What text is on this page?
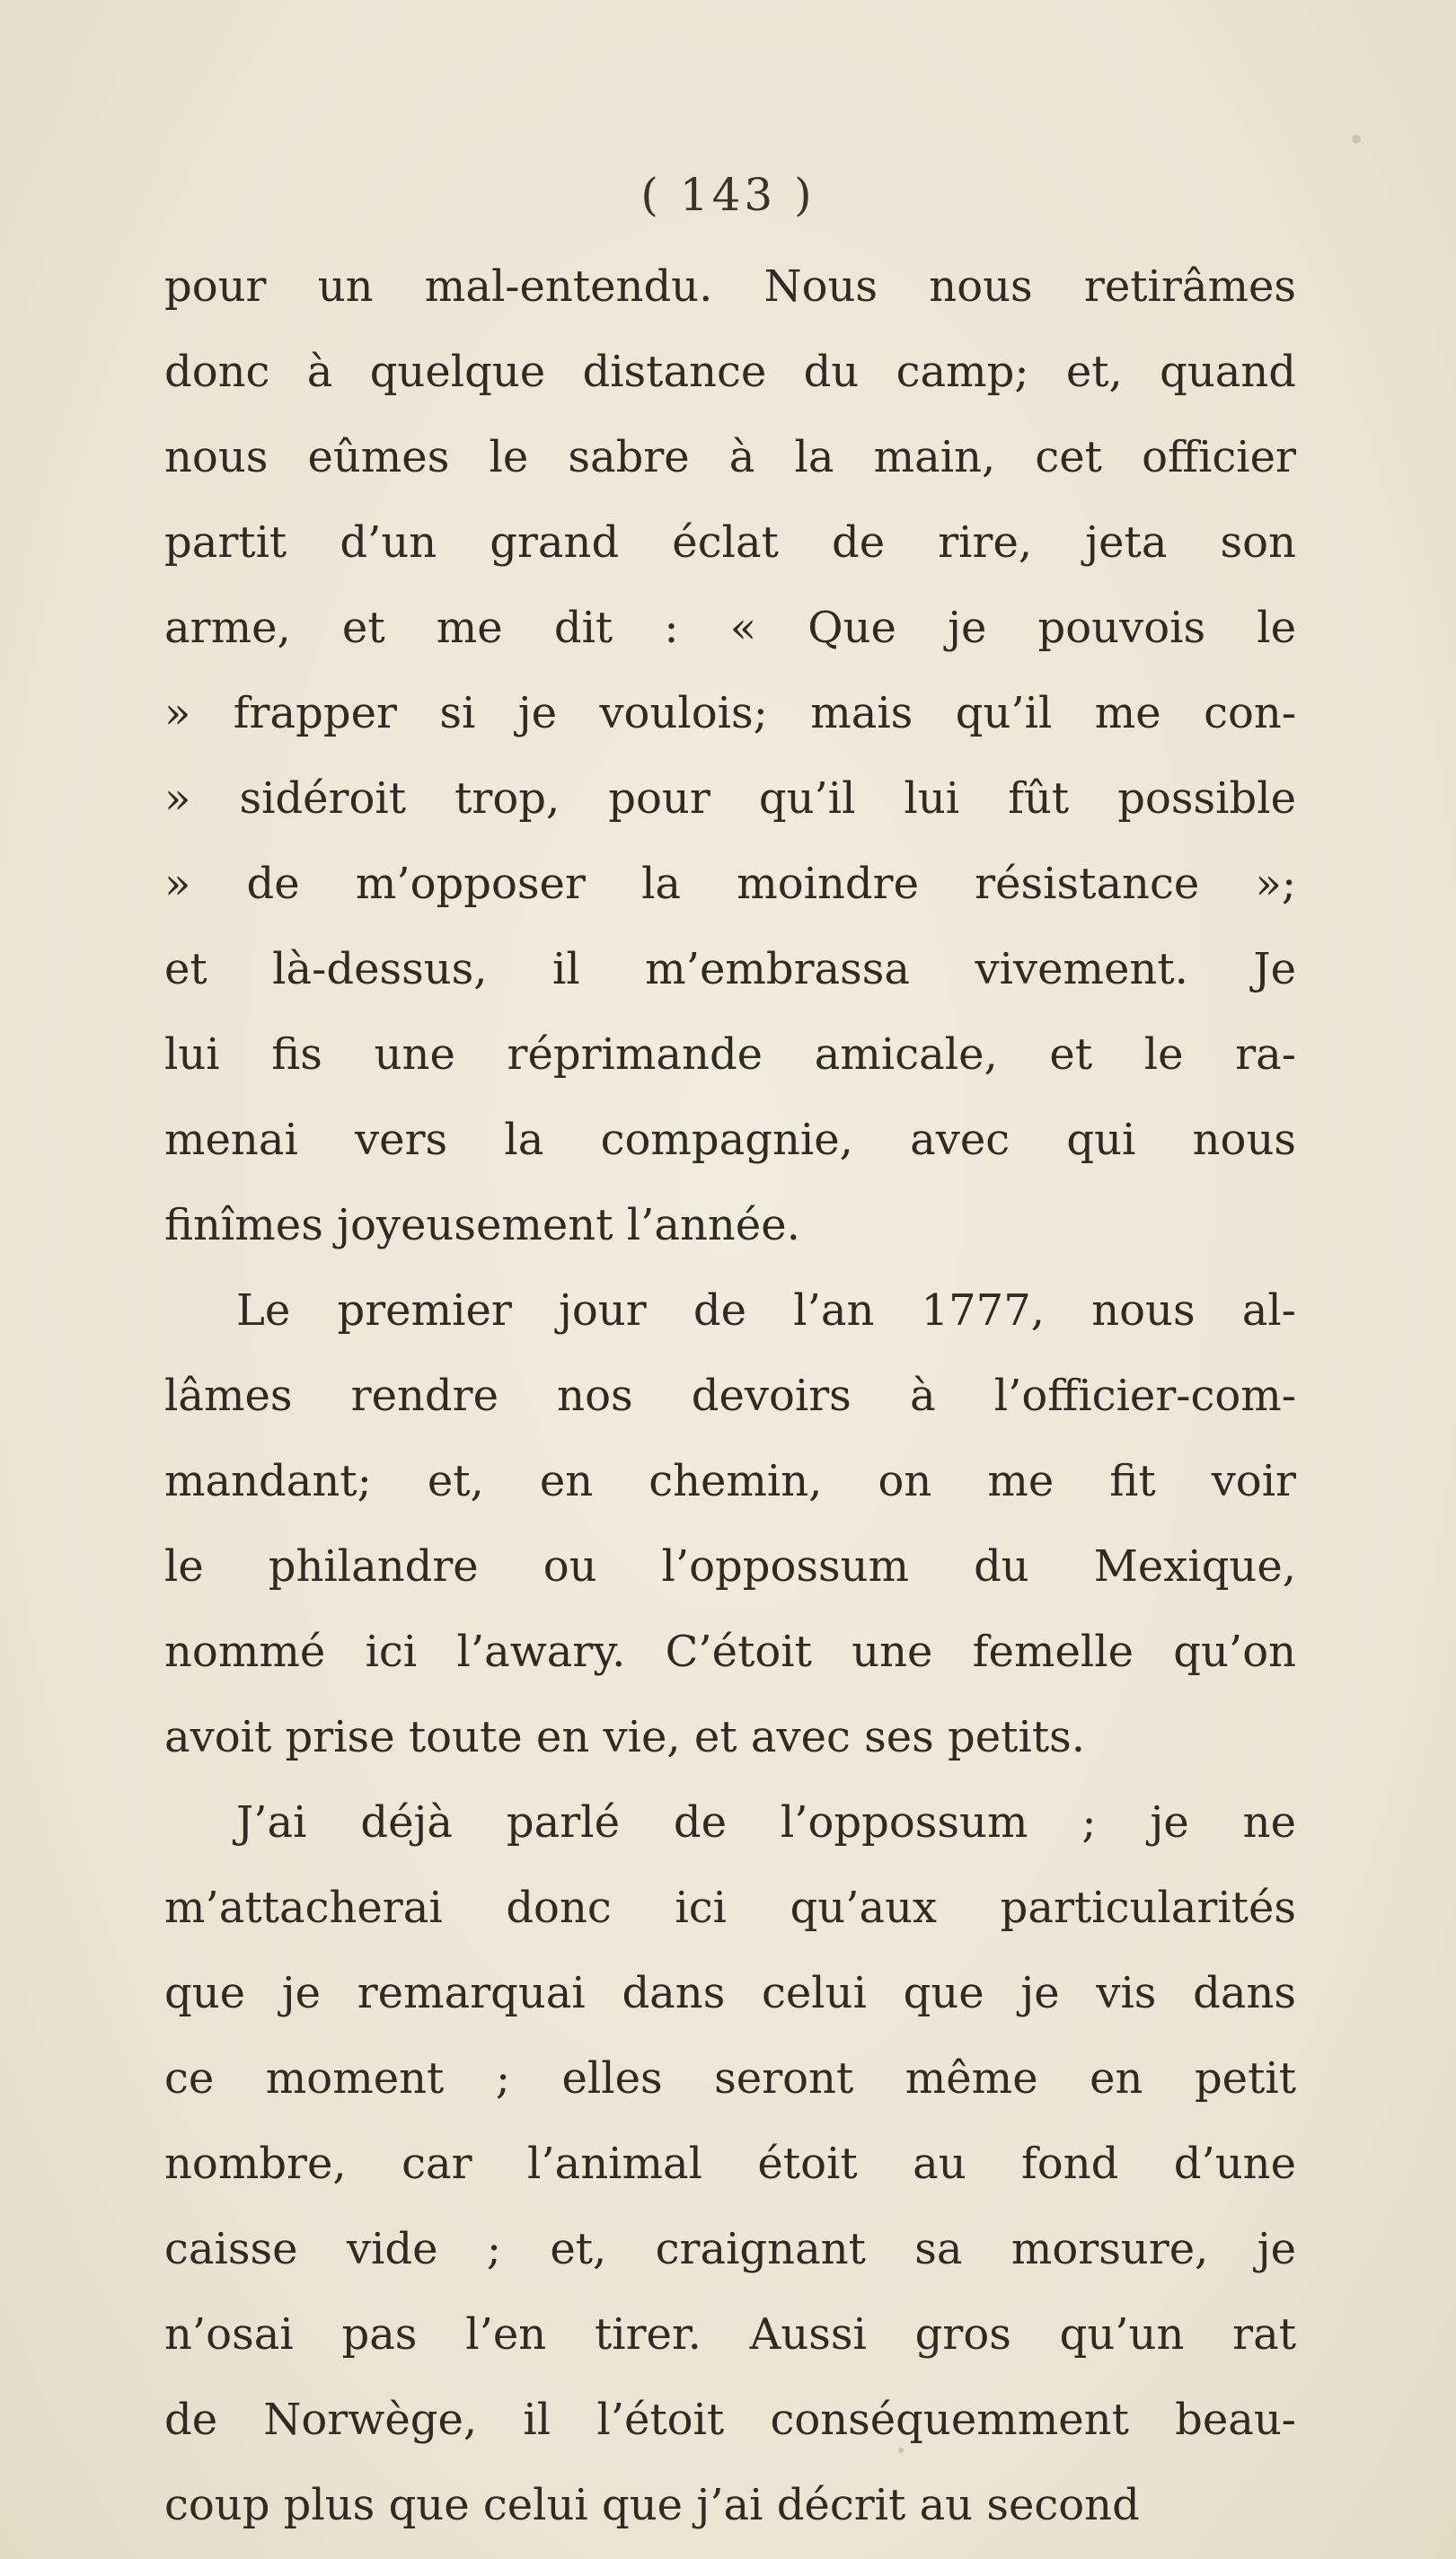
( 143 )
pour un mal-entendu. Nous nous retirâmes
donc à quelque distance du camp; et, quand
nous eûmes le sabre à la main, cet officier
partit d’un grand éclat de rire, jeta son
arme, et me dit : « Que je pouvois le
» frapper si je voulois; mais qu’il me con-
» sidéroit trop, pour qu’il lui fût possible
» de m’opposer la moindre résistance »;
et là-dessus, il m’embrassa vivement. Je
lui fis une réprimande amicale, et le ra-
menai vers la compagnie, avec qui nous
finîmes joyeusement l’année.
Le premier jour de l’an 1777, nous al-
lâmes rendre nos devoirs à l’officier-com-
mandant; et, en chemin, on me fit voir
le philandre ou l’oppossum du Mexique,
nommé ici l’awary. C’étoit une femelle qu’on
avoit prise toute en vie, et avec ses petits.
J’ai déjà parlé de l’oppossum ; je ne
m’attacherai donc ici qu’aux particularités
que je remarquai dans celui que je vis dans
ce moment ; elles seront même en petit
nombre, car l’animal étoit au fond d’une
caisse vide ; et, craignant sa morsure, je
n’osai pas l’en tirer. Aussi gros qu’un rat
de Norwège, il l’étoit conséquemment beau-
coup plus que celui que j’ai décrit au second
